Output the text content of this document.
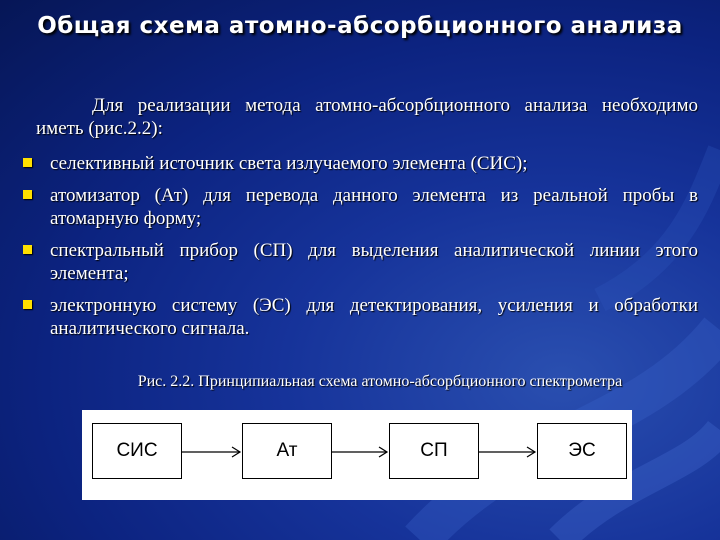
Общая схема атомно-абсорбционного анализа
Для реализации метода атомно-абсорбционного анализа необходимо иметь (рис.2.2):
селективный источник света излучаемого элемента (СИС);
атомизатор (Ат) для перевода данного элемента из реальной пробы в атомарную форму;
спектральный прибор (СП) для выделения аналитической линии этого элемента;
электронную систему (ЭС) для детектирования, усиления и обработки аналитического сигнала.
Рис. 2.2. Принципиальная схема атомно-абсорбционного спектрометра
СИС	Ат	СП	ЭС
